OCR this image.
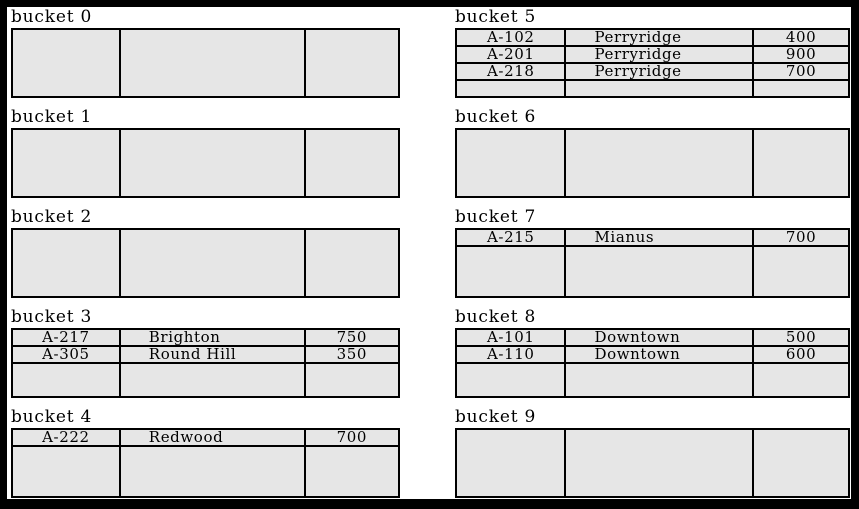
bucket 0
bucket 1
bucket 2
bucket 3
A-217	Brighton	750
A-305	Round Hill	350
bucket 4
A-222	Redwood	700
bucket 5
A-102	Perryridge	400
A-201	Perryridge	900
A-218	Perryridge	700
bucket 6
bucket 7
A-215	Mianus	700
bucket 8
A-101	Downtown	500
A-110	Downtown	600
bucket 9
